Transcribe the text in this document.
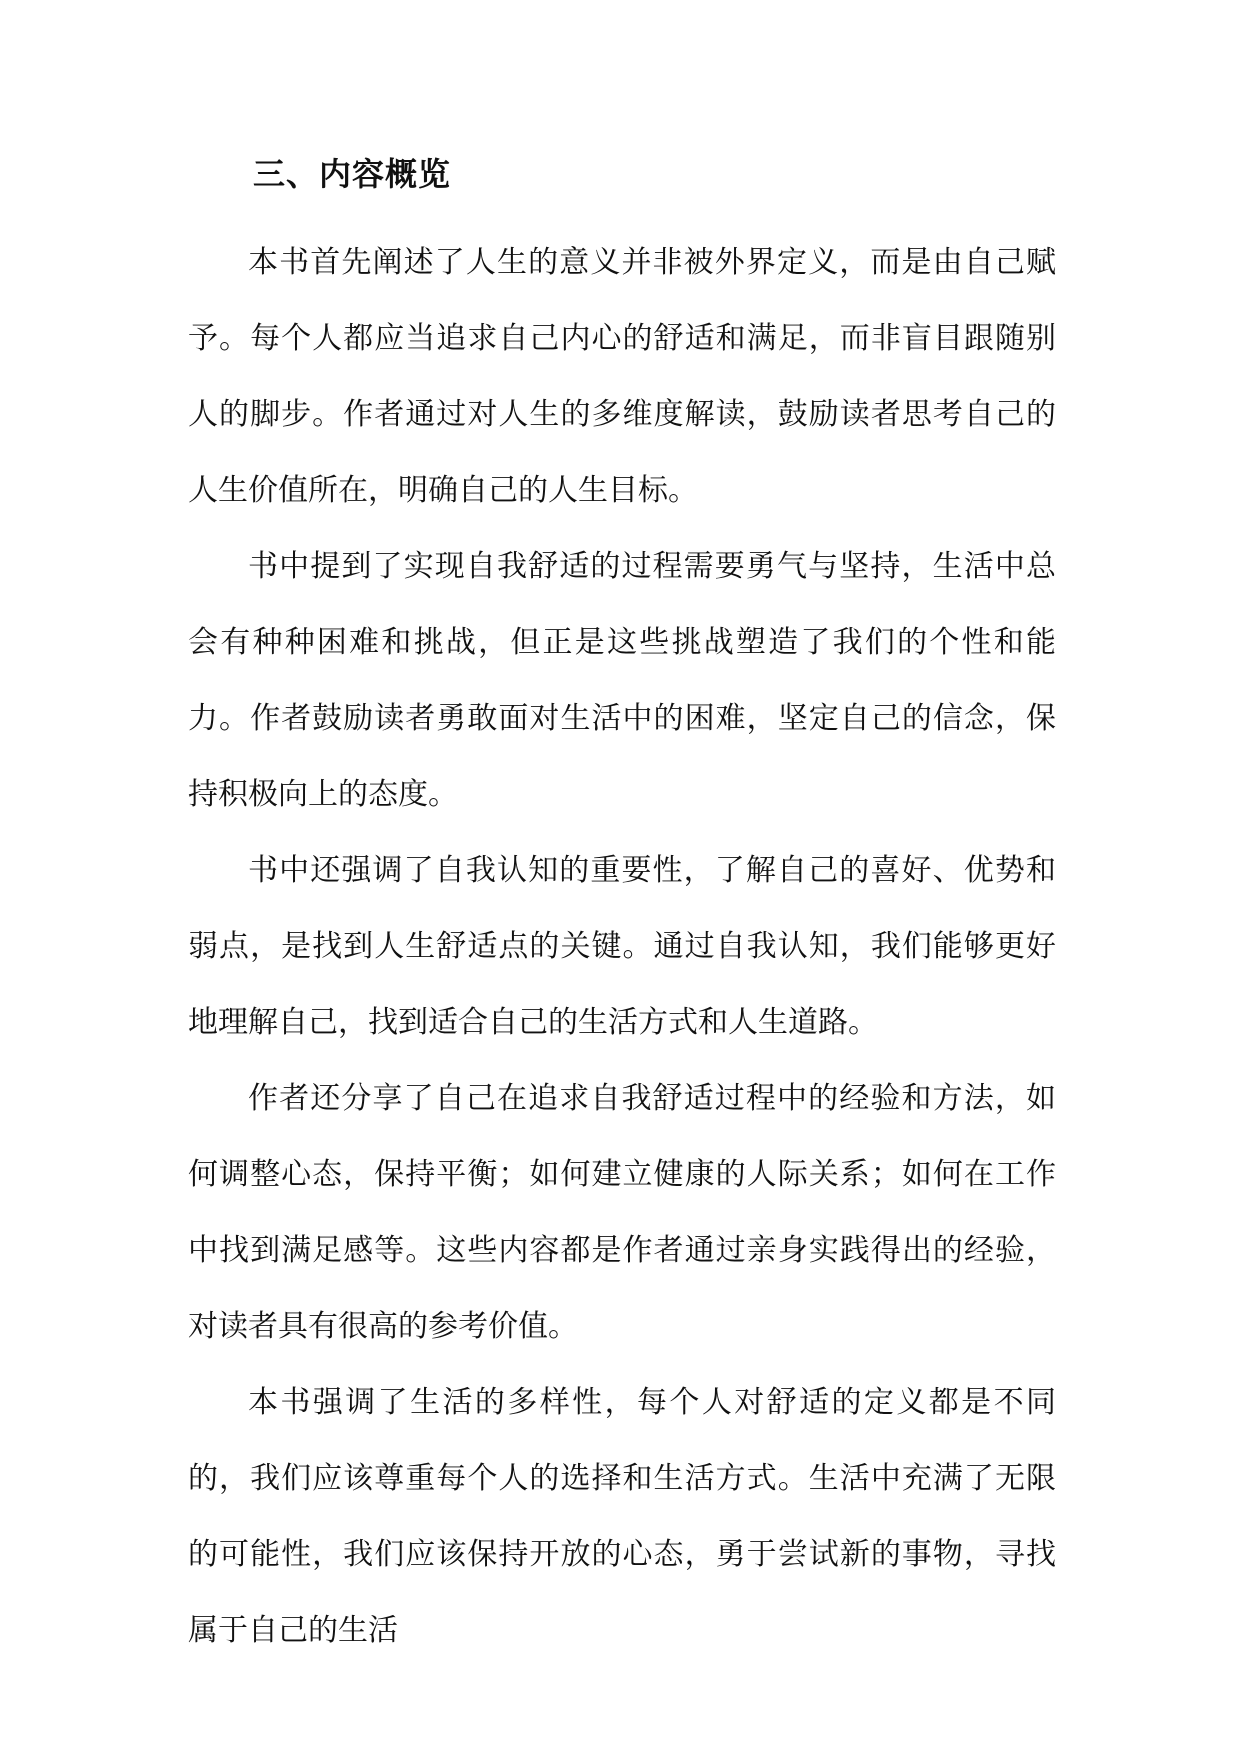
三、内容概览

本书首先阐述了人生的意义并非被外界定义，而是由自己赋予。每个人都应当追求自己内心的舒适和满足，而非盲目跟随别人的脚步。作者通过对人生的多维度解读，鼓励读者思考自己的人生价值所在，明确自己的人生目标。

书中提到了实现自我舒适的过程需要勇气与坚持，生活中总会有种种困难和挑战，但正是这些挑战塑造了我们的个性和能力。作者鼓励读者勇敢面对生活中的困难，坚定自己的信念，保持积极向上的态度。

书中还强调了自我认知的重要性，了解自己的喜好、优势和弱点，是找到人生舒适点的关键。通过自我认知，我们能够更好地理解自己，找到适合自己的生活方式和人生道路。

作者还分享了自己在追求自我舒适过程中的经验和方法，如何调整心态，保持平衡；如何建立健康的人际关系；如何在工作中找到满足感等。这些内容都是作者通过亲身实践得出的经验，对读者具有很高的参考价值。

本书强调了生活的多样性，每个人对舒适的定义都是不同的，我们应该尊重每个人的选择和生活方式。生活中充满了无限的可能性，我们应该保持开放的心态，勇于尝试新的事物，寻找属于自己的生活
